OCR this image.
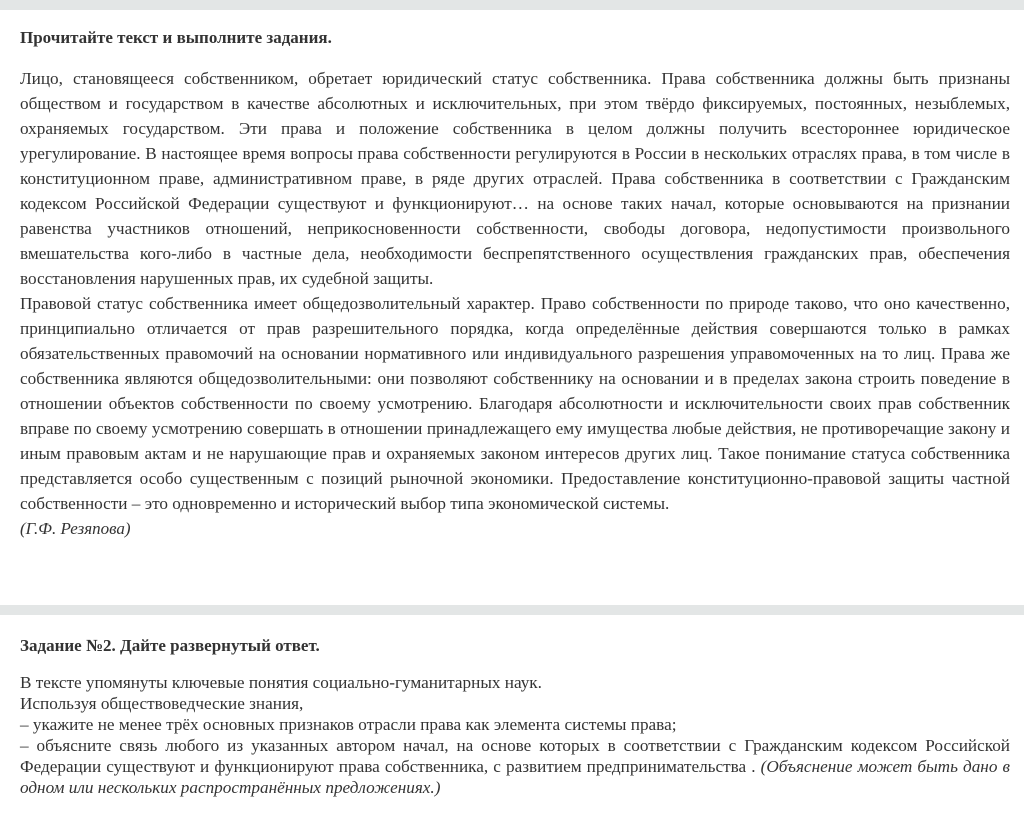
Прочитайте текст и выполните задания.

Лицо, становящееся собственником, обретает юридический статус собственника. Права собственника должны быть признаны обществом и государством в качестве абсолютных и исключительных, при этом твёрдо фиксируемых, постоянных, незыблемых, охраняемых государством. Эти права и положение собственника в целом должны получить всестороннее юридическое урегулирование. В настоящее время вопросы права собственности регулируются в России в нескольких отраслях права, в том числе в конституционном праве, административном праве, в ряде других отраслей. Права собственника в соответствии с Гражданским кодексом Российской Федерации существуют и функционируют… на основе таких начал, которые основываются на признании равенства участников отношений, неприкосновенности собственности, свободы договора, недопустимости произвольного вмешательства кого-либо в частные дела, необходимости беспрепятственного осуществления гражданских прав, обеспечения восстановления нарушенных прав, их судебной защиты.

Правовой статус собственника имеет общедозволительный характер. Право собственности по природе таково, что оно качественно, принципиально отличается от прав разрешительного порядка, когда определённые действия совершаются только в рамках обязательственных правомочий на основании нормативного или индивидуального разрешения управомоченных на то лиц. Права же собственника являются общедозволительными: они позволяют собственнику на основании и в пределах закона строить поведение в отношении объектов собственности по своему усмотрению. Благодаря абсолютности и исключительности своих прав собственник вправе по своему усмотрению совершать в отношении принадлежащего ему имущества любые действия, не противоречащие закону и иным правовым актам и не нарушающие прав и охраняемых законом интересов других лиц. Такое понимание статуса собственника представляется особо существенным с позиций рыночной экономики. Предоставление конституционно-правовой защиты частной собственности – это одновременно и исторический выбор типа экономической системы.

(Г.Ф. Резяпова)
Задание №2. Дайте развернутый ответ.
В тексте упомянуты ключевые понятия социально-гуманитарных наук.
Используя обществоведческие знания,
– укажите не менее трёх основных признаков отрасли права как элемента системы права;
– объясните связь любого из указанных автором начал, на основе которых в соответствии с Гражданским кодексом Российской Федерации существуют и функционируют права собственника, с развитием предпринимательства . (Объяснение может быть дано в одном или нескольких распространённых предложениях.)
